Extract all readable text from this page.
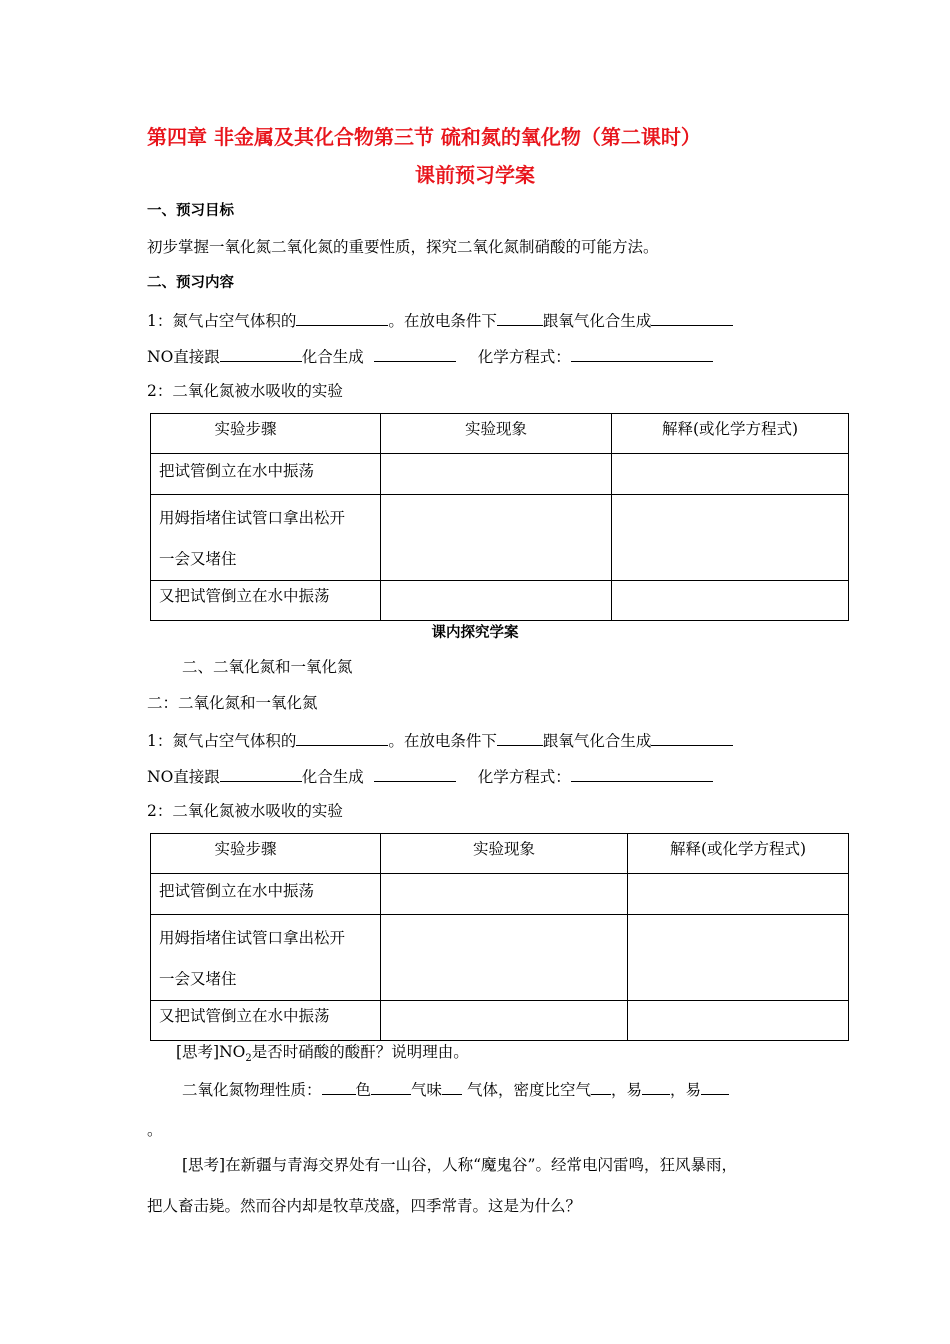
第四章 非金属及其化合物第三节 硫和氮的氧化物（第二课时）
课前预习学案
一、预习目标
初步掌握一氧化氮二氧化氮的重要性质，探究二氧化氮制硝酸的可能方法。
二、预习内容
1：氮气占空气体积的	。在放电条件下	跟氧气化合生成
NO直接跟	化合生成	化学方程式：
2：二氧化氮被水吸收的实验
实验步骤	实验现象	解释(或化学方程式)

把试管倒立在水中振荡		

用姆指堵住试管口拿出松开
一会又堵住		

又把试管倒立在水中振荡		

课内探究学案
二、二氧化氮和一氧化氮
二：二氧化氮和一氧化氮
1：氮气占空气体积的	。在放电条件下	跟氧气化合生成
NO直接跟	化合生成	化学方程式：
2：二氧化氮被水吸收的实验
实验步骤	实验现象	解释(或化学方程式)

把试管倒立在水中振荡		

用姆指堵住试管口拿出松开
一会又堵住		

又把试管倒立在水中振荡		

[思考]$NO_2$是否时硝酸的酸酐？说明理由。
二氧化氮物理性质： 色	气味 气体，密度比空气 ，易 ，易
。
[思考]在新疆与青海交界处有一山谷，人称“魔鬼谷”。经常电闪雷鸣，狂风暴雨，
把人畜击毙。然而谷内却是牧草茂盛，四季常青。这是为什么？
